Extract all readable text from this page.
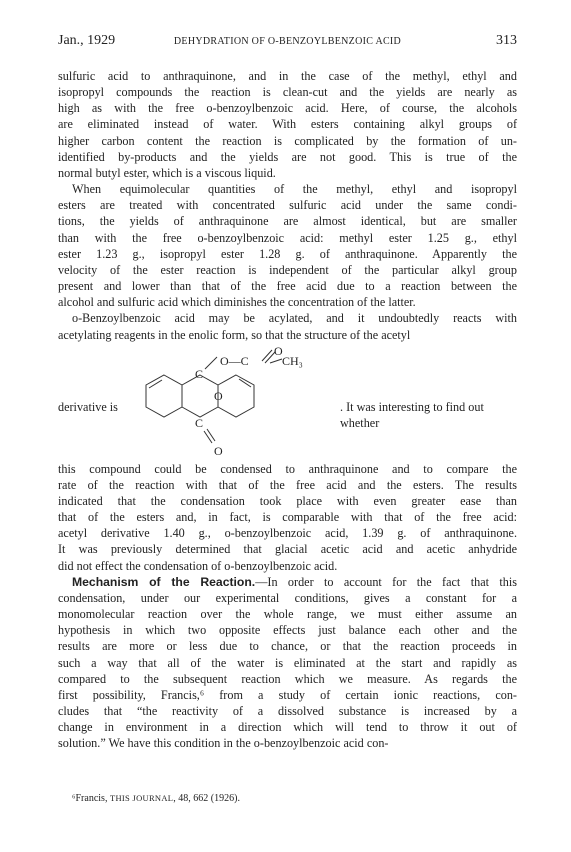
Jan., 1929	DEHYDRATION OF O-BENZOYLBENZOIC ACID	313

sulfuric acid to anthraquinone, and in the case of the methyl, ethyl and
isopropyl compounds the reaction is clean-cut and the yields are nearly as
high as with the free o-benzoylbenzoic acid. Here, of course, the alcohols
are eliminated instead of water. With esters containing alkyl groups of
higher carbon content the reaction is complicated by the formation of un-
identified by-products and the yields are not good. This is true of the
normal butyl ester, which is a viscous liquid.

When equimolecular quantities of the methyl, ethyl and isopropyl
esters are treated with concentrated sulfuric acid under the same condi-
tions, the yields of anthraquinone are almost identical, but are smaller
than with the free o-benzoylbenzoic acid: methyl ester 1.25 g., ethyl
ester 1.23 g., isopropyl ester 1.28 g. of anthraquinone. Apparently the
velocity of the ester reaction is independent of the particular alkyl group
present and lower than that of the free acid due to a reaction between the
alcohol and sulfuric acid which diminishes the concentration of the latter.

o-Benzoylbenzoic acid may be acylated, and it undoubtedly reacts with
acetylating reagents in the enolic form, so that the structure of the acetyl

derivative is
O
O—C	CH₃
C
O
C
O
. It was interesting to find out whether

this compound could be condensed to anthraquinone and to compare the
rate of the reaction with that of the free acid and the esters. The results
indicated that the condensation took place with even greater ease than
that of the esters and, in fact, is comparable with that of the free acid:
acetyl derivative 1.40 g., o-benzoylbenzoic acid, 1.39 g. of anthraquinone.
It was previously determined that glacial acetic acid and acetic anhydride
did not effect the condensation of o-benzoylbenzoic acid.

Mechanism of the Reaction.—In order to account for the fact that this
condensation, under our experimental conditions, gives a constant for a
monomolecular reaction over the whole range, we must either assume an
hypothesis in which two opposite effects just balance each other and the
results are more or less due to chance, or that the reaction proceeds in
such a way that all of the water is eliminated at the start and rapidly as
compared to the subsequent reaction which we measure. As regards the
first possibility, Francis,⁶ from a study of certain ionic reactions, con-
cludes that “the reactivity of a dissolved substance is increased by a
change in environment in a direction which will tend to throw it out of
solution.” We have this condition in the o-benzoylbenzoic acid con-

⁶Francis, THIS JOURNAL, 48, 662 (1926).
